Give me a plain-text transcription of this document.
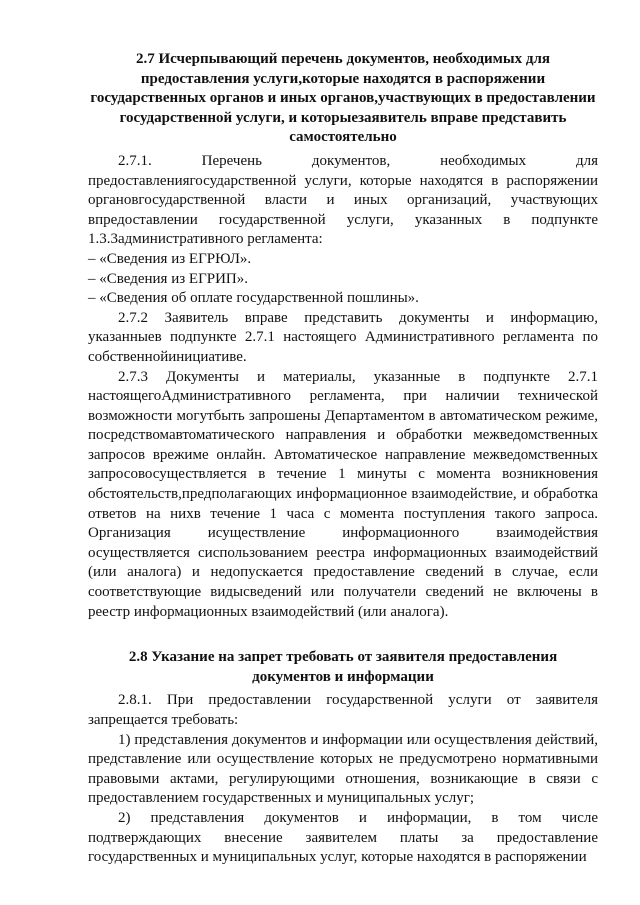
2.7 Исчерпывающий перечень документов, необходимых для предоставления услуги,которые находятся в распоряжении государственных органов и иных органов,участвующих в предоставлении государственной услуги, и которыезаявитель вправе представить самостоятельно

2.7.1. Перечень документов, необходимых для предоставлениягосударственной услуги, которые находятся в распоряжении органовгосударственной власти и иных организаций, участвующих впредоставлении государственной услуги, указанных в подпункте 1.3.3административного регламента:

– «Сведения из ЕГРЮЛ».

– «Сведения из ЕГРИП».

– «Сведения об оплате государственной пошлины».

2.7.2 Заявитель вправе представить документы и информацию, указанныев подпункте 2.7.1 настоящего Административного регламента по собственнойинициативе.

2.7.3 Документы и материалы, указанные в подпункте 2.7.1 настоящегоАдминистративного регламента, при наличии технической возможности могутбыть запрошены Департаментом в автоматическом режиме, посредствомавтоматического направления и обработки межведомственных запросов врежиме онлайн. Автоматическое направление межведомственных запросовосуществляется в течение 1 минуты с момента возникновения обстоятельств,предполагающих информационное взаимодействие, и обработка ответов на нихв течение 1 часа с момента поступления такого запроса. Организация исуществление информационного взаимодействия осуществляется сиспользованием реестра информационных взаимодействий (или аналога) и недопускается предоставление сведений в случае, если соответствующие видысведений или получатели сведений не включены в реестр информационных взаимодействий (или аналога).

2.8 Указание на запрет требовать от заявителя предоставления документов и информации

2.8.1. При предоставлении государственной услуги от заявителя запрещается требовать:

1) представления документов и информации или осуществления действий, представление или осуществление которых не предусмотрено нормативными правовыми актами, регулирующими отношения, возникающие в связи с предоставлением государственных и муниципальных услуг;

2) представления документов и информации, в том числе подтверждающих внесение заявителем платы за предоставление государственных и муниципальных услуг, которые находятся в распоряжении
